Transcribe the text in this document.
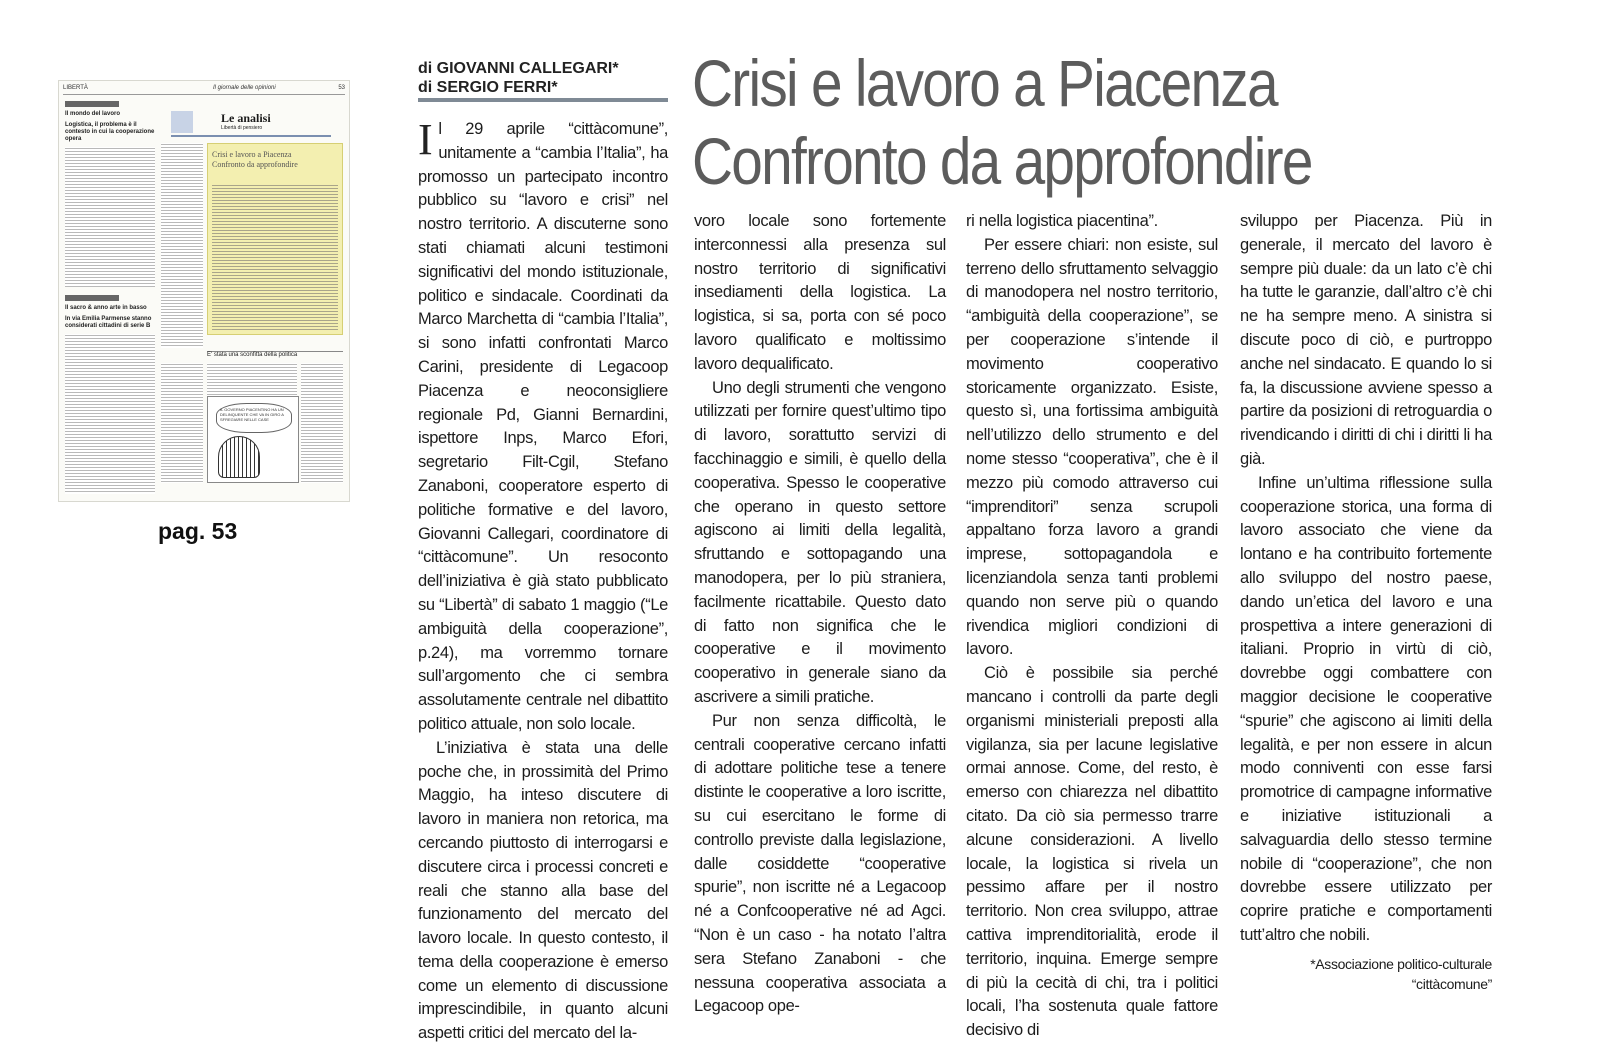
LIBERTÀ	53
Il giornale delle opinioni
Il mondo del lavoro
Logistica, il problema è il contesto in cui la cooperazione opera
Il sacro & anno arte in basso
In via Emilia Parmense stanno considerati cittadini di serie B
Le analisi
Libertà di pensiero
Crisi e lavoro a Piacenza
Confronto da approfondire
E' stata una sconfitta della politica
IL GOVERNO PIACENTINO HA UN DELINQUENTE CHE VA IN GIRO A SFREGIARE NELLE CASE
pag. 53
di GIOVANNI CALLEGARI*
di SERGIO FERRI*	Crisi e lavoro a Piacenza
Confronto da approfondire

Il 29 aprile “cittàcomune”, unitamente a “cambia l’Italia”, ha promosso un partecipato incontro pubblico su “lavoro e crisi” nel nostro territorio. A discuterne sono stati chiamati alcuni testimoni significativi del mondo istituzionale, politico e sindacale. Coordinati da Marco Marchetta di “cambia l’Italia”, si sono infatti confrontati Marco Carini, presidente di Legacoop Piacenza e neoconsigliere regionale Pd, Gianni Bernardini, ispettore Inps, Marco Efori, segretario Filt-Cgil, Stefano Zanaboni, cooperatore esperto di politiche formative e del lavoro, Giovanni Callegari, coordinatore di “cittàcomune”. Un resoconto dell’iniziativa è già stato pubblicato su “Libertà” di sabato 1 maggio (“Le ambiguità della cooperazione”, p.24), ma vorremmo tornare sull’argomento che ci sembra assolutamente centrale nel dibattito politico attuale, non solo locale.

L’iniziativa è stata una delle poche che, in prossimità del Primo Maggio, ha inteso discutere di lavoro in maniera non retorica, ma cercando piuttosto di interrogarsi e discutere circa i processi concreti e reali che stanno alla base del funzionamento del mercato del lavoro locale. In questo contesto, il tema della cooperazione è emerso come un elemento di discussione imprescindibile, in quanto alcuni aspetti critici del mercato del la-

voro locale sono fortemente interconnessi alla presenza sul nostro territorio di significativi insediamenti della logistica. La logistica, si sa, porta con sé poco lavoro qualificato e moltissimo lavoro dequalificato.

Uno degli strumenti che vengono utilizzati per fornire quest’ultimo tipo di lavoro, sorattutto servizi di facchinaggio e simili, è quello della cooperativa. Spesso le cooperative che operano in questo settore agiscono ai limiti della legalità, sfruttando e sottopagando una manodopera, per lo più straniera, facilmente ricattabile. Questo dato di fatto non significa che le cooperative e il movimento cooperativo in generale siano da ascrivere a simili pratiche.

Pur non senza difficoltà, le centrali cooperative cercano infatti di adottare politiche tese a tenere distinte le cooperative a loro iscritte, su cui esercitano le forme di controllo previste dalla legislazione, dalle cosiddette “cooperative spurie”, non iscritte né a Legacoop né a Confcooperative né ad Agci. “Non è un caso - ha notato l’altra sera Stefano Zanaboni - che nessuna cooperativa associata a Legacoop ope-

ri nella logistica piacentina”.

Per essere chiari: non esiste, sul terreno dello sfruttamento selvaggio di manodopera nel nostro territorio, “ambiguità della cooperazione”, se per cooperazione s’intende il movimento cooperativo storicamente organizzato. Esiste, questo sì, una fortissima ambiguità nell’utilizzo dello strumento e del nome stesso “cooperativa”, che è il mezzo più comodo attraverso cui “imprenditori” senza scrupoli appaltano forza lavoro a grandi imprese, sottopagandola e licenziandola senza tanti problemi quando non serve più o quando rivendica migliori condizioni di lavoro.

Ciò è possibile sia perché mancano i controlli da parte degli organismi ministeriali preposti alla vigilanza, sia per lacune legislative ormai annose. Come, del resto, è emerso con chiarezza nel dibattito citato. Da ciò sia permesso trarre alcune considerazioni. A livello locale, la logistica si rivela un pessimo affare per il nostro territorio. Non crea sviluppo, attrae cattiva imprenditorialità, erode il territorio, inquina. Emerge sempre di più la cecità di chi, tra i politici locali, l’ha sostenuta quale fattore decisivo di

sviluppo per Piacenza. Più in generale, il mercato del lavoro è sempre più duale: da un lato c’è chi ha tutte le garanzie, dall’altro c’è chi ne ha sempre meno. A sinistra si discute poco di ciò, e purtroppo anche nel sindacato. E quando lo si fa, la discussione avviene spesso a partire da posizioni di retroguardia o rivendicando i diritti di chi i diritti li ha già.

Infine un’ultima riflessione sulla cooperazione storica, una forma di lavoro associato che viene da lontano e ha contribuito fortemente allo sviluppo del nostro paese, dando un’etica del lavoro e una prospettiva a intere generazioni di italiani. Proprio in virtù di ciò, dovrebbe oggi combattere con maggior decisione le cooperative “spurie” che agiscono ai limiti della legalità, e per non essere in alcun modo conniventi con esse farsi promotrice di campagne informative e iniziative istituzionali a salvaguardia dello stesso termine nobile di “cooperazione”, che non dovrebbe essere utilizzato per coprire pratiche e comportamenti tutt’altro che nobili.

*Associazione politico-culturale
“cittàcomune”
